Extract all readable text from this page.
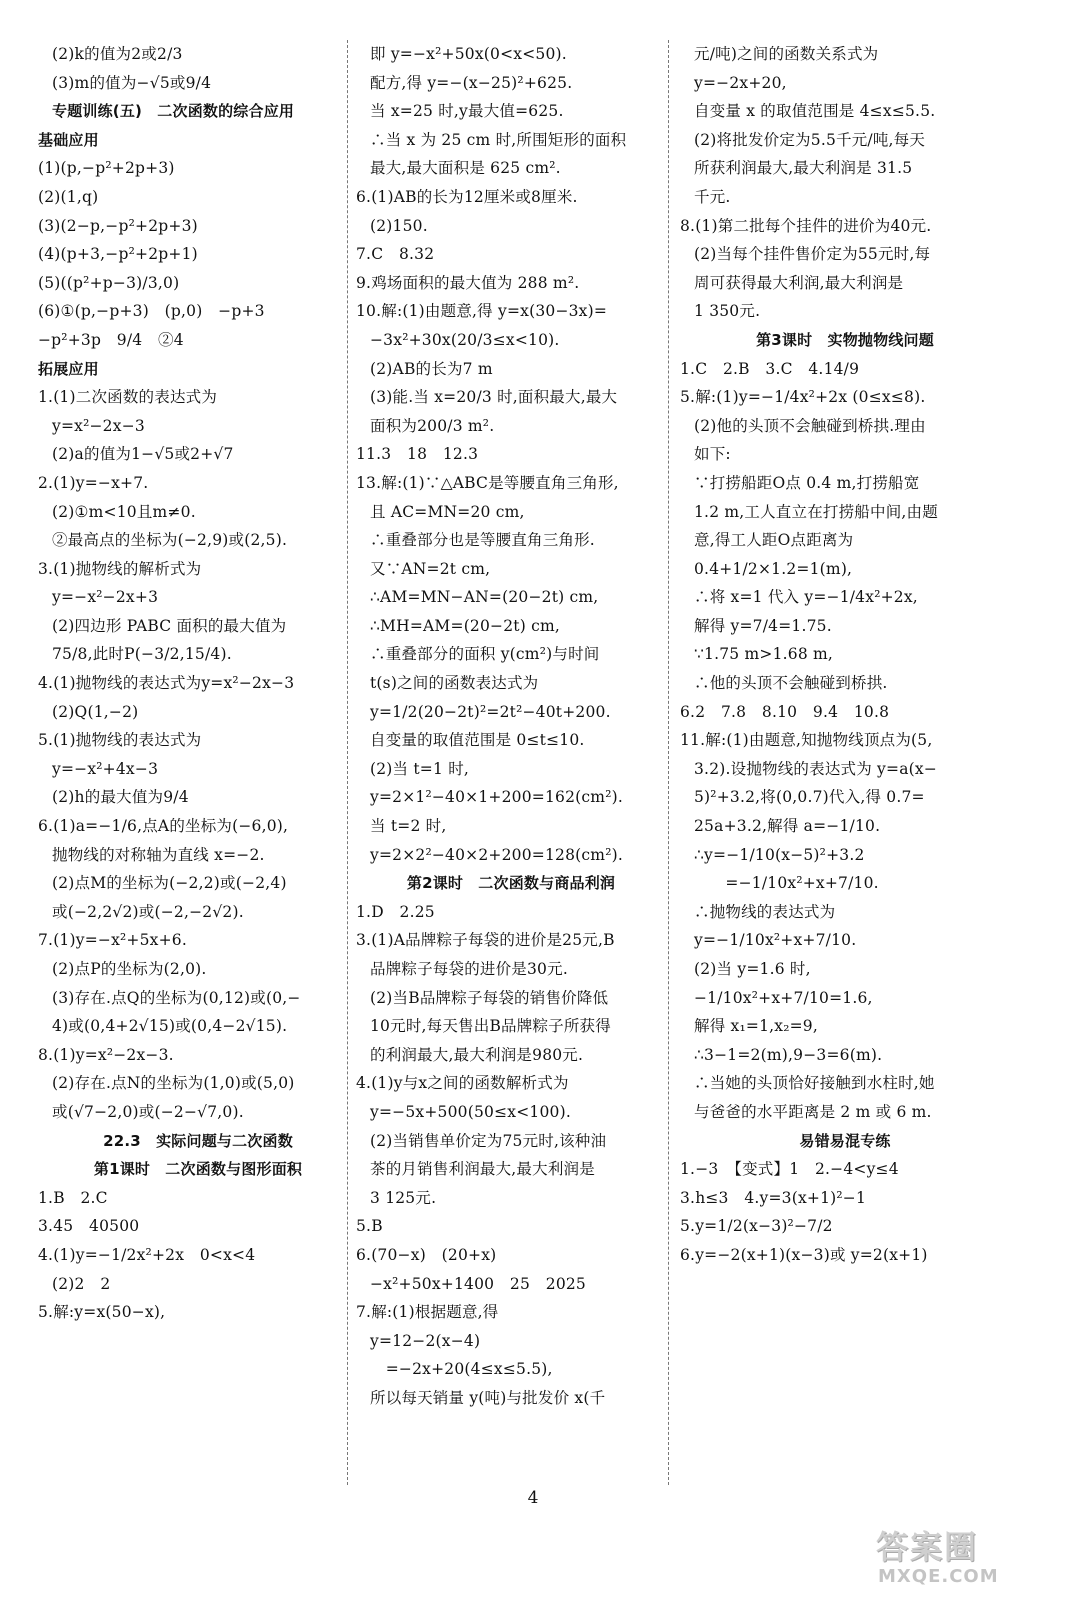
(2)k的值为2或2/3
(3)m的值为−√5或9/4
专题训练(五)　二次函数的综合应用
基础应用
(1)(p,−p²+2p+3)
(2)(1,q)
(3)(2−p,−p²+2p+3)
(4)(p+3,−p²+2p+1)
(5)((p²+p−3)/3,0)
(6)①(p,−p+3)　(p,0)　−p+3
−p²+3p　9/4　②4
拓展应用
1.(1)二次函数的表达式为
y=x²−2x−3
(2)a的值为1−√5或2+√7
2.(1)y=−x+7.
(2)①m<10且m≠0.
②最高点的坐标为(−2,9)或(2,5).
3.(1)抛物线的解析式为
y=−x²−2x+3
(2)四边形 PABC 面积的最大值为
75/8,此时P(−3/2,15/4).
4.(1)抛物线的表达式为y=x²−2x−3
(2)Q(1,−2)
5.(1)抛物线的表达式为
y=−x²+4x−3
(2)h的最大值为9/4
6.(1)a=−1/6,点A的坐标为(−6,0),
抛物线的对称轴为直线 x=−2.
(2)点M的坐标为(−2,2)或(−2,4)
或(−2,2√2)或(−2,−2√2).
7.(1)y=−x²+5x+6.
(2)点P的坐标为(2,0).
(3)存在.点Q的坐标为(0,12)或(0,−
4)或(0,4+2√15)或(0,4−2√15).
8.(1)y=x²−2x−3.
(2)存在.点N的坐标为(1,0)或(5,0)
或(√7−2,0)或(−2−√7,0).
22.3　实际问题与二次函数
第1课时　二次函数与图形面积
1.B　2.C
3.45　40500
4.(1)y=−1/2x²+2x　0<x<4
(2)2　2
5.解:y=x(50−x),
即 y=−x²+50x(0<x<50).
配方,得 y=−(x−25)²+625.
当 x=25 时,y最大值=625.
∴当 x 为 25 cm 时,所围矩形的面积
最大,最大面积是 625 cm².
6.(1)AB的长为12厘米或8厘米.
(2)150.
7.C　8.32
9.鸡场面积的最大值为 288 m².
10.解:(1)由题意,得 y=x(30−3x)=
−3x²+30x(20/3≤x<10).
(2)AB的长为7 m
(3)能.当 x=20/3 时,面积最大,最大
面积为200/3 m².
11.3　18　12.3
13.解:(1)∵△ABC是等腰直角三角形,
且 AC=MN=20 cm,
∴重叠部分也是等腰直角三角形.
又∵AN=2t cm,
∴AM=MN−AN=(20−2t) cm,
∴MH=AM=(20−2t) cm,
∴重叠部分的面积 y(cm²)与时间
t(s)之间的函数表达式为
y=1/2(20−2t)²=2t²−40t+200.
自变量的取值范围是 0≤t≤10.
(2)当 t=1 时,
y=2×1²−40×1+200=162(cm²).
当 t=2 时,
y=2×2²−40×2+200=128(cm²).
第2课时　二次函数与商品利润
1.D　2.25
3.(1)A品牌粽子每袋的进价是25元,B
品牌粽子每袋的进价是30元.
(2)当B品牌粽子每袋的销售价降低
10元时,每天售出B品牌粽子所获得
的利润最大,最大利润是980元.
4.(1)y与x之间的函数解析式为
y=−5x+500(50≤x<100).
(2)当销售单价定为75元时,该种油
茶的月销售利润最大,最大利润是
3 125元.
5.B
6.(70−x)　(20+x)
−x²+50x+1400　25　2025
7.解:(1)根据题意,得
y=12−2(x−4)
　=−2x+20(4≤x≤5.5),
所以每天销量 y(吨)与批发价 x(千
元/吨)之间的函数关系式为
y=−2x+20,
自变量 x 的取值范围是 4≤x≤5.5.
(2)将批发价定为5.5千元/吨,每天
所获利润最大,最大利润是 31.5
千元.
8.(1)第二批每个挂件的进价为40元.
(2)当每个挂件售价定为55元时,每
周可获得最大利润,最大利润是
1 350元.
第3课时　实物抛物线问题
1.C　2.B　3.C　4.14/9
5.解:(1)y=−1/4x²+2x (0≤x≤8).
(2)他的头顶不会触碰到桥拱.理由
如下:
∵打捞船距O点 0.4 m,打捞船宽
1.2 m,工人直立在打捞船中间,由题
意,得工人距O点距离为
0.4+1/2×1.2=1(m),
∴将 x=1 代入 y=−1/4x²+2x,
解得 y=7/4=1.75.
∵1.75 m>1.68 m,
∴他的头顶不会触碰到桥拱.
6.2　7.8　8.10　9.4　10.8
11.解:(1)由题意,知抛物线顶点为(5,
3.2).设抛物线的表达式为 y=a(x−
5)²+3.2,将(0,0.7)代入,得 0.7=
25a+3.2,解得 a=−1/10.
∴y=−1/10(x−5)²+3.2
　　=−1/10x²+x+7/10.
∴抛物线的表达式为
y=−1/10x²+x+7/10.
(2)当 y=1.6 时,
−1/10x²+x+7/10=1.6,
解得 x₁=1,x₂=9,
∴3−1=2(m),9−3=6(m).
∴当她的头顶恰好接触到水柱时,她
与爸爸的水平距离是 2 m 或 6 m.
易错易混专练
1.−3　【变式】1　2.−4<y≤4
3.h≤3　4.y=3(x+1)²−1
5.y=1/2(x−3)²−7/2
6.y=−2(x+1)(x−3)或 y=2(x+1)
4
答案圈
MXQE.COM
